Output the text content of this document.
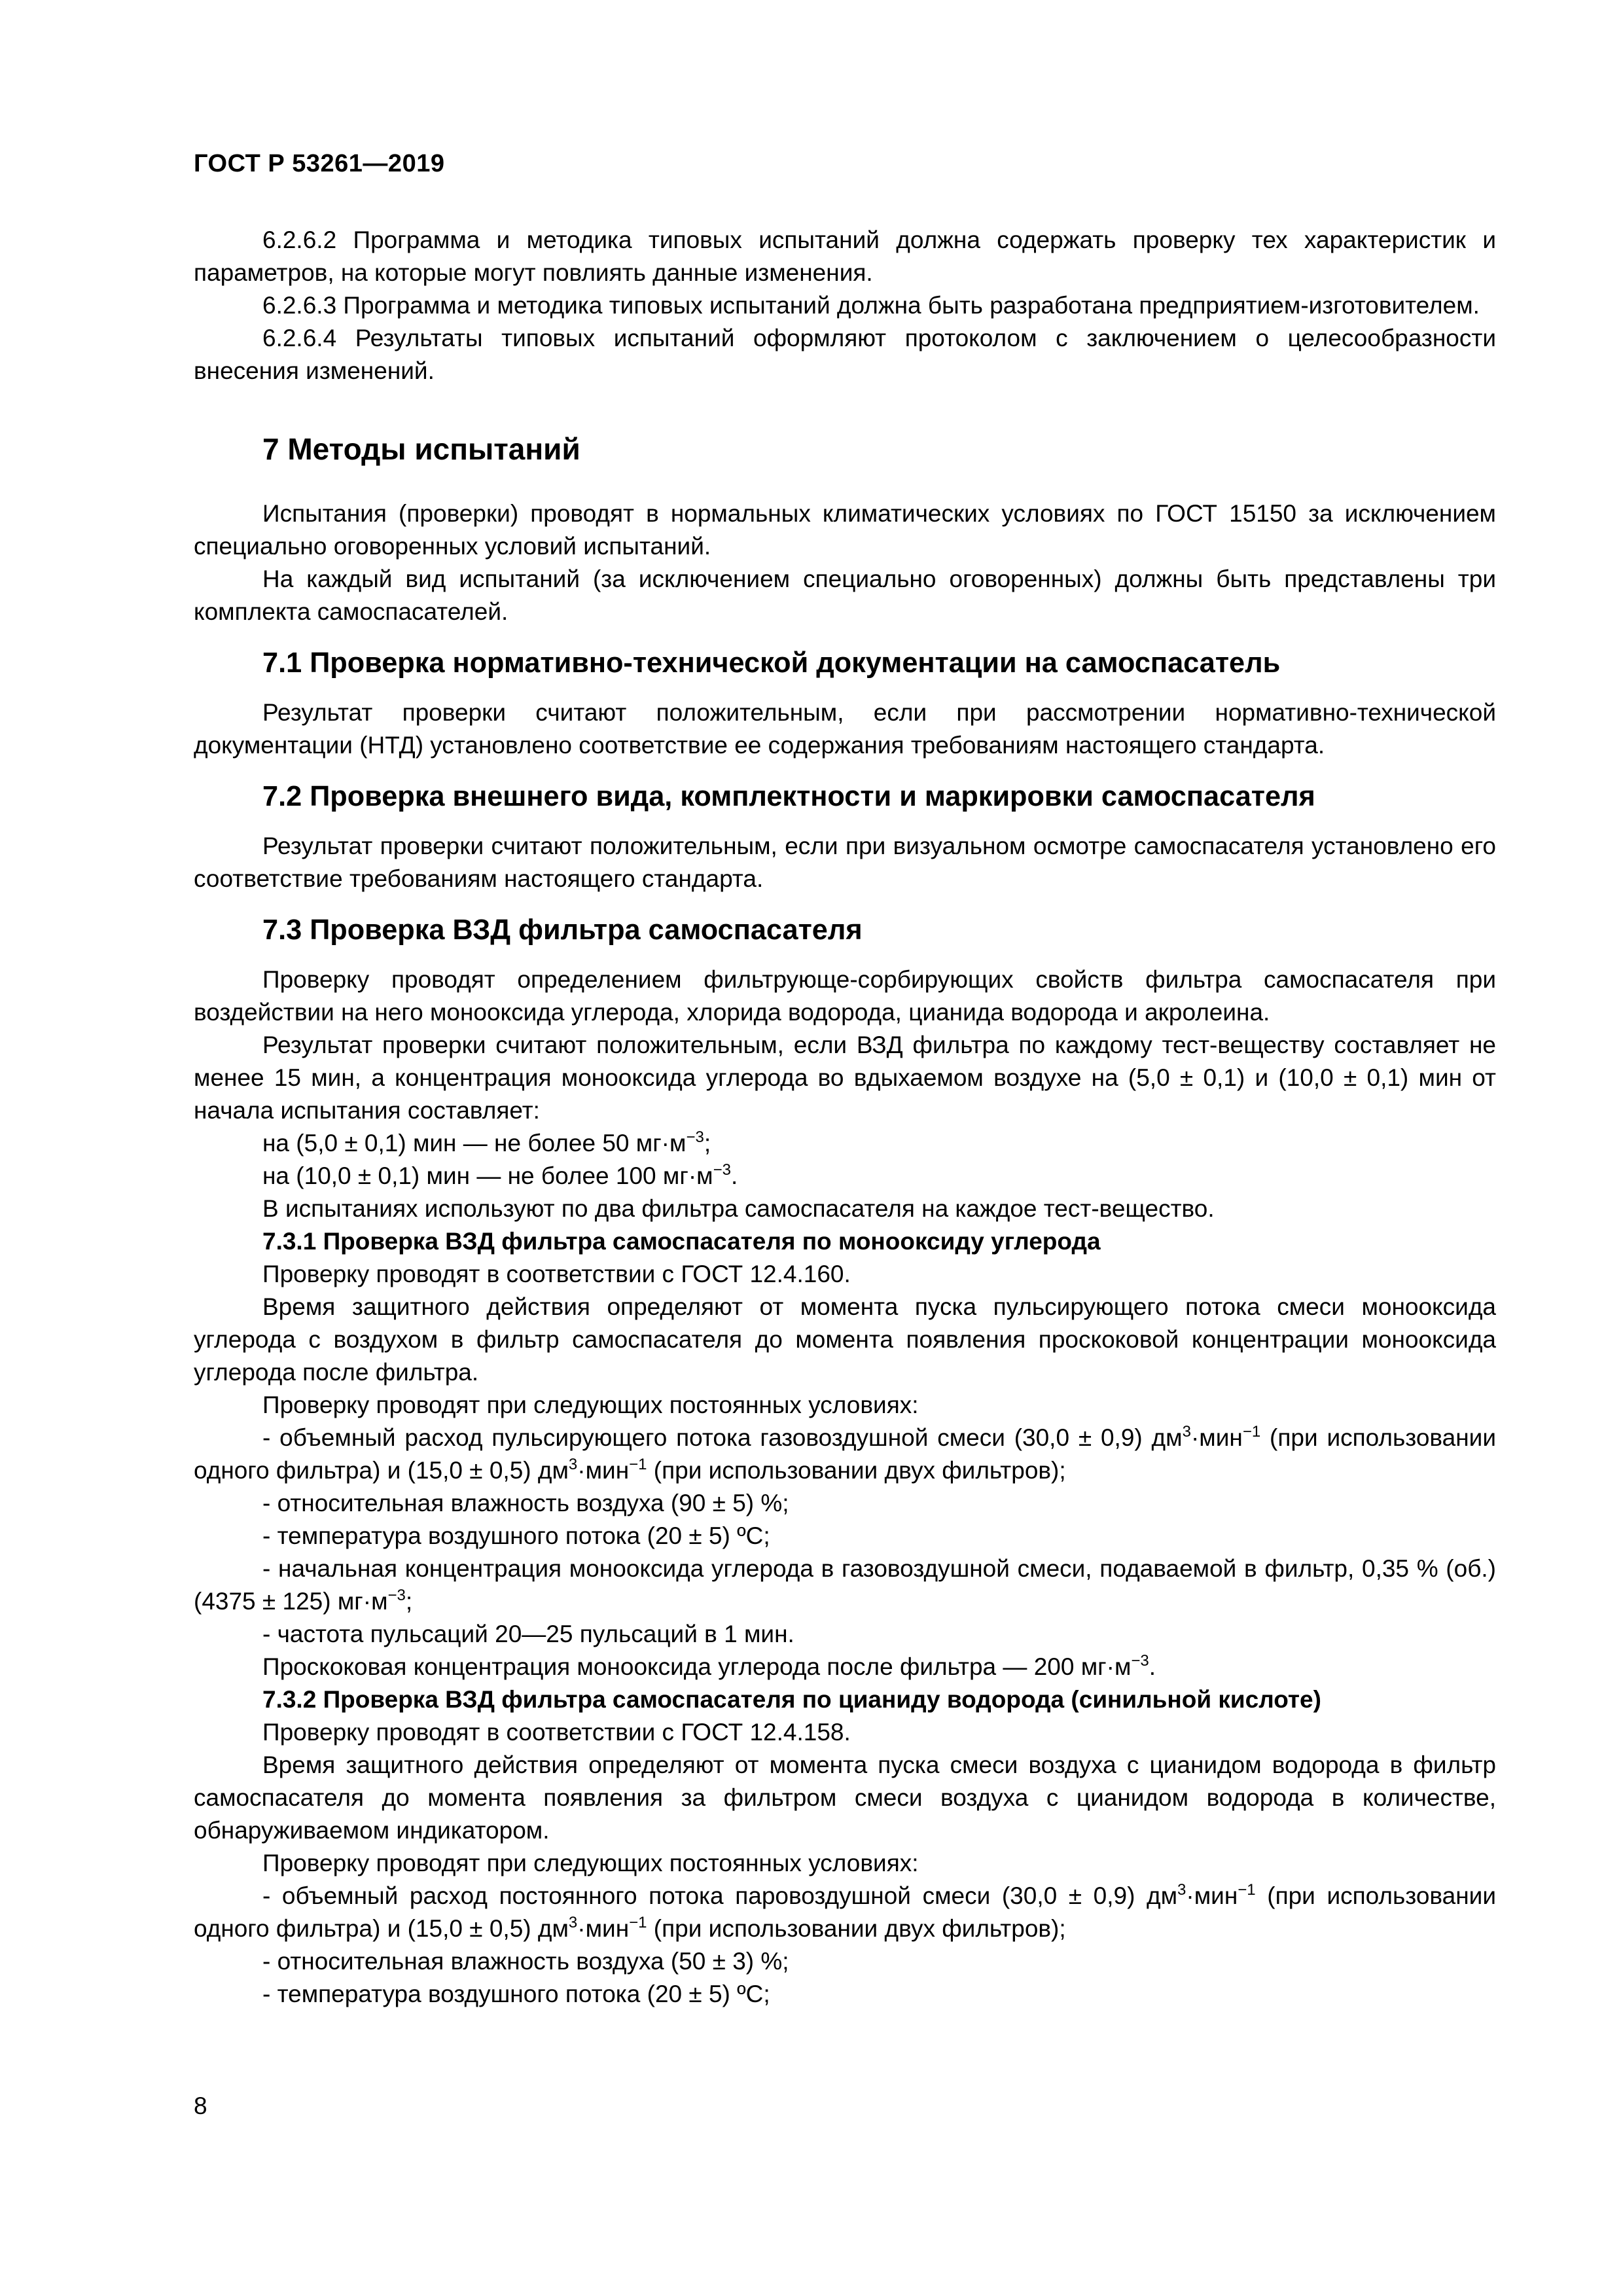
ГОСТ Р 53261—2019

6.2.6.2 Программа и методика типовых испытаний должна содержать проверку тех характеристик и параметров, на которые могут повлиять данные изменения.

6.2.6.3 Программа и методика типовых испытаний должна быть разработана предприятием-изготовителем.

6.2.6.4 Результаты типовых испытаний оформляют протоколом с заключением о целесообразности внесения изменений.

7 Методы испытаний

Испытания (проверки) проводят в нормальных климатических условиях по ГОСТ 15150 за исключением специально оговоренных условий испытаний.

На каждый вид испытаний (за исключением специально оговоренных) должны быть представлены три комплекта самоспасателей.

7.1 Проверка нормативно-технической документации на самоспасатель

Результат проверки считают положительным, если при рассмотрении нормативно-технической документации (НТД) установлено соответствие ее содержания требованиям настоящего стандарта.

7.2 Проверка внешнего вида, комплектности и маркировки самоспасателя

Результат проверки считают положительным, если при визуальном осмотре самоспасателя установлено его соответствие требованиям настоящего стандарта.

7.3 Проверка ВЗД фильтра самоспасателя

Проверку проводят определением фильтрующе-сорбирующих свойств фильтра самоспасателя при воздействии на него монооксида углерода, хлорида водорода, цианида водорода и акролеина.

Результат проверки считают положительным, если ВЗД фильтра по каждому тест-веществу составляет не менее 15 мин, а концентрация монооксида углерода во вдыхаемом воздухе на (5,0 ± 0,1) и (10,0 ± 0,1) мин от начала испытания составляет:

на (5,0 ± 0,1) мин — не более 50 $мг\cdot м^{-3}$;

на (10,0 ± 0,1) мин — не более 100 $мг\cdot м^{-3}$.

В испытаниях используют по два фильтра самоспасателя на каждое тест-вещество.

7.3.1 Проверка ВЗД фильтра самоспасателя по монооксиду углерода

Проверку проводят в соответствии с ГОСТ 12.4.160.

Время защитного действия определяют от момента пуска пульсирующего потока смеси монооксида углерода с воздухом в фильтр самоспасателя до момента появления проскоковой концентрации монооксида углерода после фильтра.

Проверку проводят при следующих постоянных условиях:

- объемный расход пульсирующего потока газовоздушной смеси (30,0 ± 0,9) $дм^3\cdot мин^{-1}$ (при использовании одного фильтра) и (15,0 ± 0,5) $дм^3\cdot мин^{-1}$ (при использовании двух фильтров);

- относительная влажность воздуха (90 ± 5) %;

- температура воздушного потока (20 ± 5) ºС;

- начальная концентрация монооксида углерода в газовоздушной смеси, подаваемой в фильтр, 0,35 % (об.) (4375 ± 125) $мг\cdot м^{-3}$;

- частота пульсаций 20—25 пульсаций в 1 мин.

Проскоковая концентрация монооксида углерода после фильтра — 200 $мг\cdot м^{-3}$.

7.3.2 Проверка ВЗД фильтра самоспасателя по цианиду водорода (синильной кислоте)

Проверку проводят в соответствии с ГОСТ 12.4.158.

Время защитного действия определяют от момента пуска смеси воздуха с цианидом водорода в фильтр самоспасателя до момента появления за фильтром смеси воздуха с цианидом водорода в количестве, обнаруживаемом индикатором.

Проверку проводят при следующих постоянных условиях:

- объемный расход постоянного потока паровоздушной смеси (30,0 ± 0,9) $дм^3\cdot мин^{-1}$ (при использовании одного фильтра) и (15,0 ± 0,5) $дм^3\cdot мин^{-1}$ (при использовании двух фильтров);

- относительная влажность воздуха (50 ± 3) %;

- температура воздушного потока (20 ± 5) ºС;

8
